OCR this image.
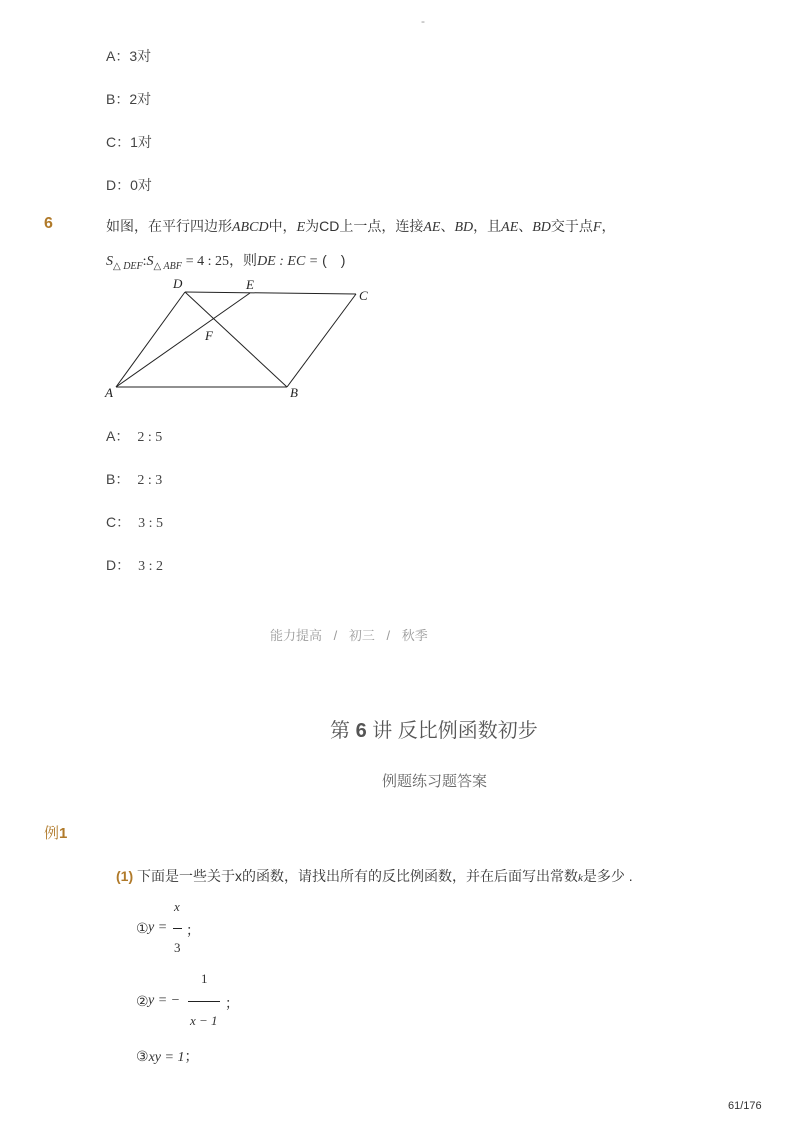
-
A：3对
B：2对
C：1对
D：0对
6	如图，在平行四边形ABCD中，E为CD上一点，连接AE、BD，且AE、BD交于点F，
$S_{\triangle DEF}:S_{\triangle ABF} = 4$ : 25，则DE : EC = (　)
D	E
C
F
A	B
A： 2 : 5
B： 2 : 3
C： 3 : 5
D： 3 : 2
能力提高 / 初三 / 秋季
第 6 讲 反比例函数初步
例题练习题答案
例1
(1) 下面是一些关于x的函数，请找出所有的反比例函数，并在后面写出常数k是多少 .
① y =
x
3
；
② y = −
1
x − 1
；
③xy = 1；
61/176
